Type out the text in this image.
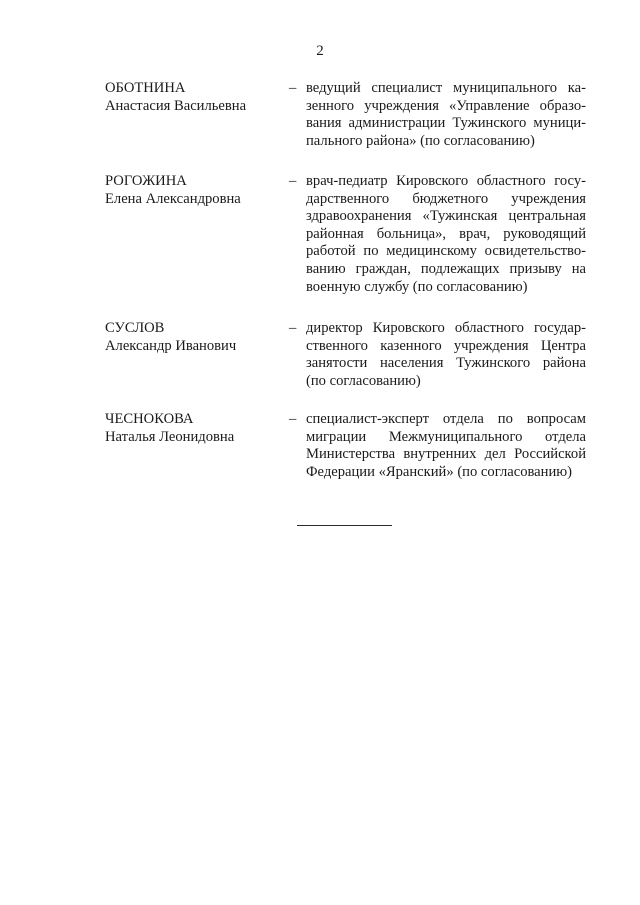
2
ОБОТНИНА
Анастасия Васильевна
– ведущий специалист муниципального ка-
зенного учреждения «Управление образо-
вания администрации Тужинского муници-
пального района» (по согласованию)
РОГОЖИНА
Елена Александровна
– врач-педиатр Кировского областного госу-
дарственного бюджетного учреждения
здравоохранения «Тужинская центральная
районная больница», врач, руководящий
работой по медицинскому освидетельство-
ванию граждан, подлежащих призыву на
военную службу (по согласованию)
СУСЛОВ
Александр Иванович
– директор Кировского областного государ-
ственного казенного учреждения Центра
занятости населения Тужинского района
(по согласованию)
ЧЕСНОКОВА
Наталья Леонидовна
– специалист-эксперт отдела по вопросам
миграции Межмуниципального отдела
Министерства внутренних дел Российской
Федерации «Яранский» (по согласованию)
